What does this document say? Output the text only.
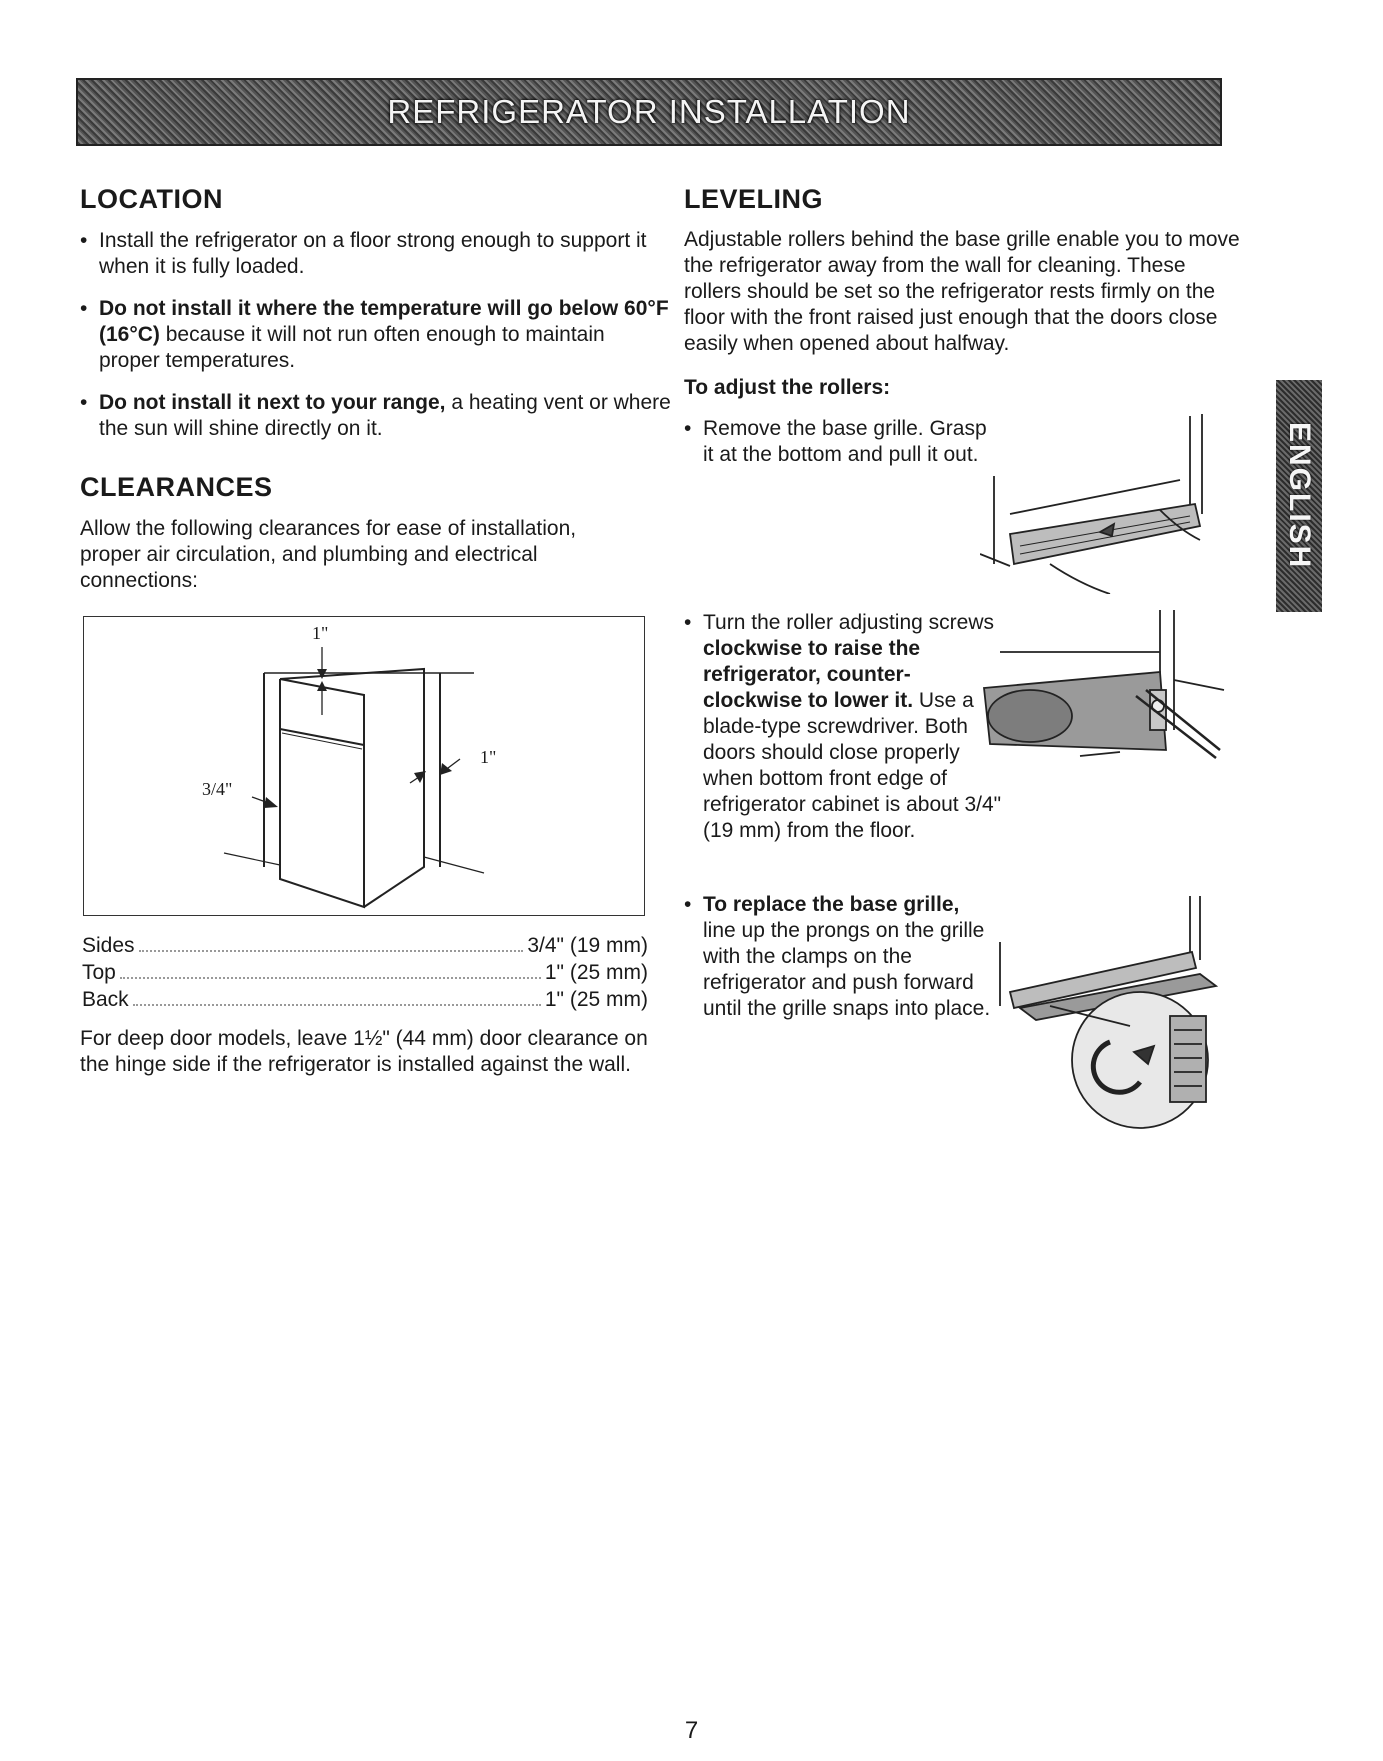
REFRIGERATOR INSTALLATION
LOCATION

• Install the refrigerator on a floor strong enough to support it when it is fully loaded.

• Do not install it where the temperature will go below 60°F (16°C) because it will not run often enough to maintain proper temperatures.

• Do not install it next to your range, a heating vent or where the sun will shine directly on it.

CLEARANCES

Allow the following clearances for ease of installation, proper air circulation, and plumbing and electrical connections:

1"
3/4"
1"
Sides	3/4" (19 mm)
Top	1" (25 mm)
Back	1" (25 mm)

For deep door models, leave 1½" (44 mm) door clearance on the hinge side if the refrigerator is installed against the wall.

LEVELING

Adjustable rollers behind the base grille enable you to move the refrigerator away from the wall for cleaning. These rollers should be set so the refrigerator rests firmly on the floor with the front raised just enough that the doors close easily when opened about halfway.

To adjust the rollers:

• Remove the base grille. Grasp it at the bottom and pull it out.

• Turn the roller adjusting screws clockwise to raise the refrigerator, counter-clockwise to lower it. Use a blade-type screwdriver. Both doors should close properly when bottom front edge of refrigerator cabinet is about 3/4" (19 mm) from the floor.

• To replace the base grille, line up the prongs on the grille with the clamps on the refrigerator and push forward until the grille snaps into place.

ENGLISH
7
